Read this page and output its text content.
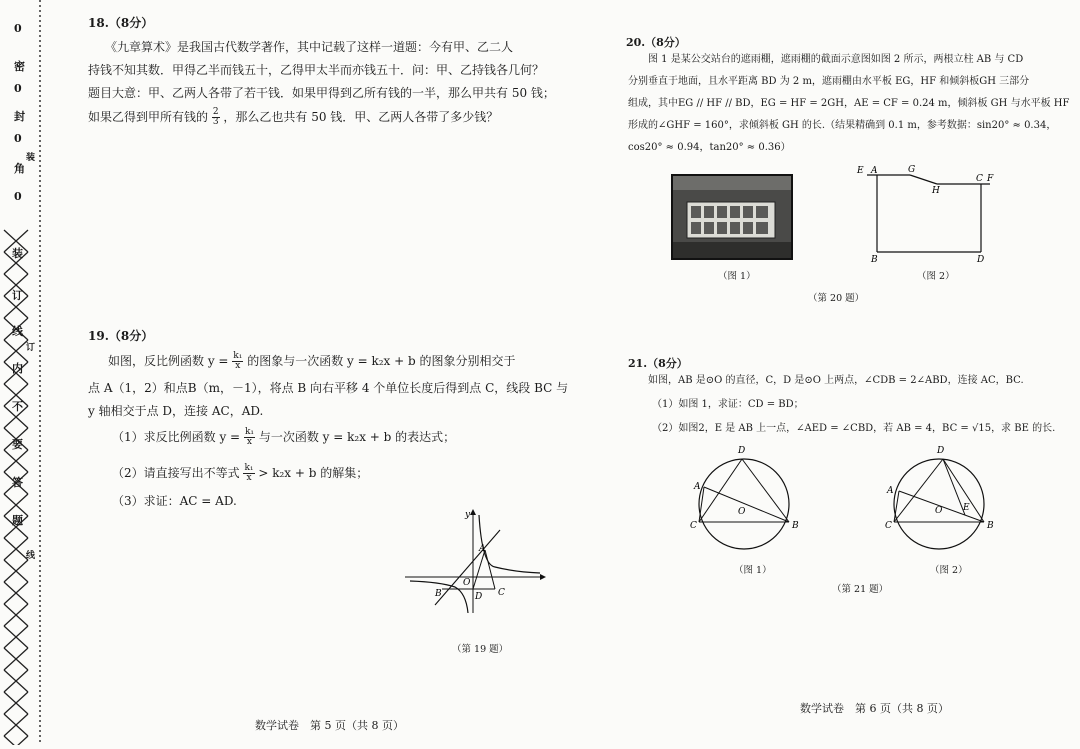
0
密
0
封
0
角
装
0
装
订
线
订
内
不
要
答
题
线
18.（8分）
《九章算术》是我国古代数学著作，其中记载了这样一道题：今有甲、乙二人
持钱不知其数．甲得乙半而钱五十，乙得甲太半而亦钱五十．问：甲、乙持钱各几何？
题目大意：甲、乙两人各带了若干钱．如果甲得到乙所有钱的一半，那么甲共有 50 钱；
如果乙得到甲所有钱的 $\frac{2}{3}$ ，那么乙也共有 50 钱．甲、乙两人各带了多少钱？
19.（8分）
如图，反比例函数 $y = \frac{\text{k₁}}{x}$ 的图象与一次函数 y = k₂x + b 的图象分别相交于
点 A（1，2）和点B（m，－1），将点 B 向右平移 4 个单位长度后得到点 C，线段 BC 与
y 轴相交于点 D，连接 AC，AD.
（1）求反比例函数 $y = \frac{\text{k₁}}{x}$ 与一次函数 y = k₂x + b 的表达式；
（2）请直接写出不等式 $\frac{\text{k₁}}{x} > k_2x + b$ 的解集；
（3）求证：AC = AD.
y
A
O
B	D C
（第 19 题）
数学试卷　第 5 页（共 8 页）
20.（8分）
图 1 是某公交站台的遮雨棚，遮雨棚的截面示意图如图 2 所示，两根立柱 AB 与 CD
分别垂直于地面，且水平距离 BD 为 2 m，遮雨棚由水平板 EG，HF 和倾斜板GH 三部分
组成，其中EG // HF // BD，EG = HF = 2GH，AE = CF = 0.24 m，倾斜板 GH 与水平板 HF
形成的∠GHF = 160°，求倾斜板 GH 的长.（结果精确到 0.1 m，参考数据：sin20° ≈ 0.34，
cos20° ≈ 0.94，tan20° ≈ 0.36）
（图 1）
E A	G
H
C F
B	D
（图 2）
（第 20 题）
21.（8分）
如图，AB 是⊙O 的直径，C，D 是⊙O 上两点，∠CDB = 2∠ABD，连接 AC，BC.
（1）如图 1，求证：CD = BD；
（2）如图2，E 是 AB 上一点，∠AED = ∠CBD，若 AB = 4，BC = √15，求 BE 的长.
D
A
C
O
B
（图 1）
D
A
C
O E
B
（图 2）
（第 21 题）
数学试卷　第 6 页（共 8 页）
